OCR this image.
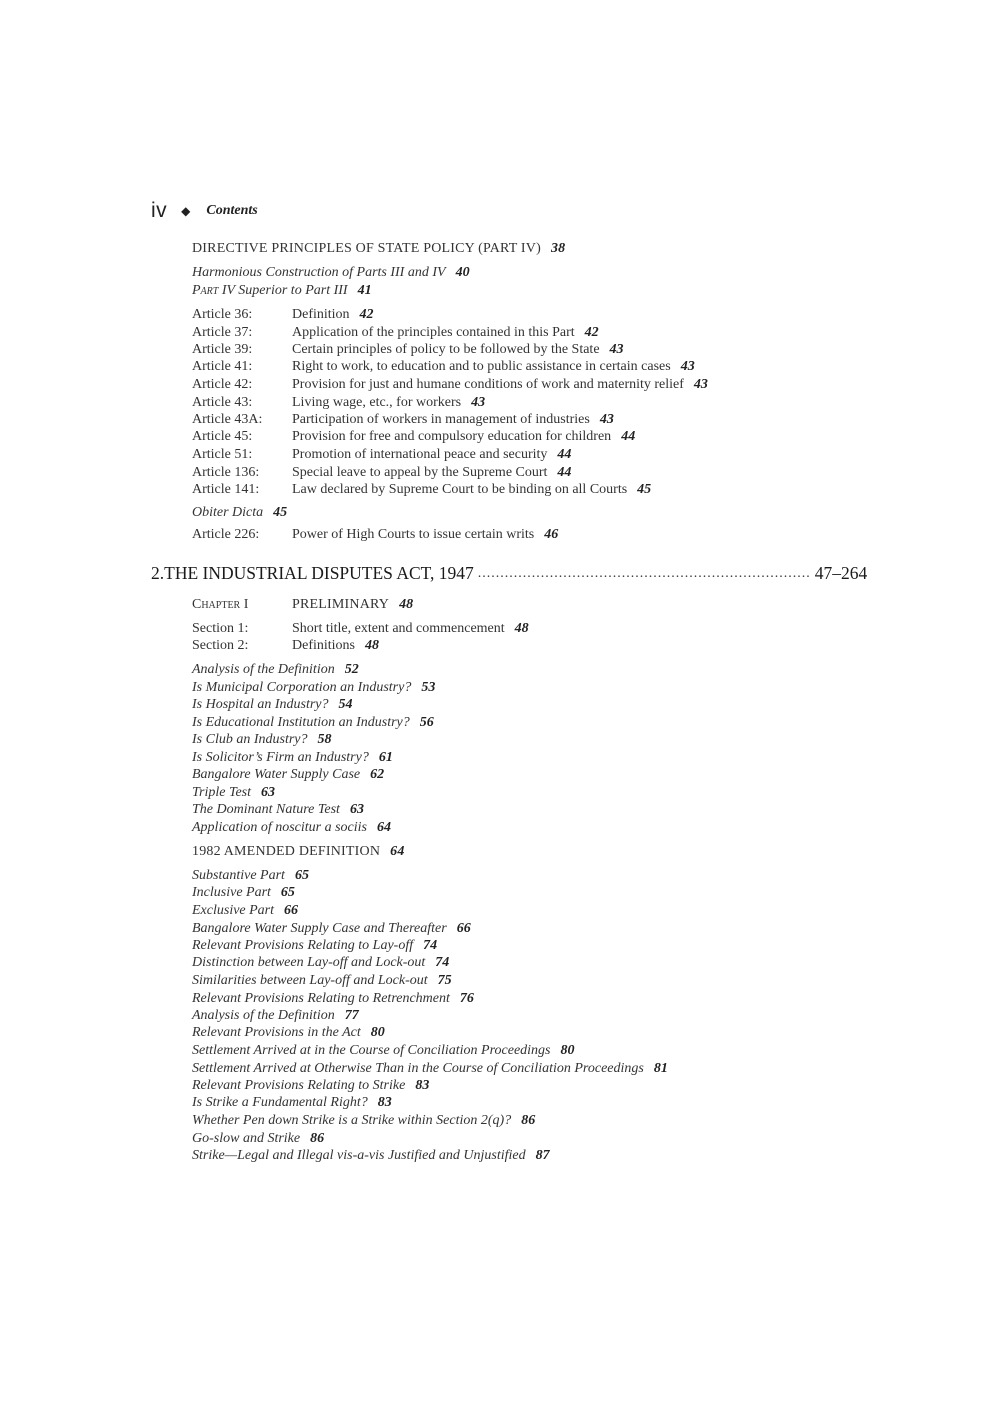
iv ◆ Contents
DIRECTIVE PRINCIPLES OF STATE POLICY (PART IV) 38
Harmonious Construction of Parts III and IV 40
Part IV Superior to Part III 41
Article 36:	Definition 42
Article 37:	Application of the principles contained in this Part 42
Article 39:	Certain principles of policy to be followed by the State 43
Article 41:	Right to work, to education and to public assistance in certain cases 43
Article 42:	Provision for just and humane conditions of work and maternity relief 43
Article 43:	Living wage, etc., for workers 43
Article 43A: Participation of workers in management of industries 43
Article 45:	Provision for free and compulsory education for children 44
Article 51:	Promotion of international peace and security 44
Article 136: Special leave to appeal by the Supreme Court 44
Article 141: Law declared by Supreme Court to be binding on all Courts 45
Obiter Dicta 45
Article 226: Power of High Courts to issue certain writs 46
2. THE INDUSTRIAL DISPUTES ACT, 1947 .......................................................................... 47–264
Chapter I	PRELIMINARY 48
Section 1:	Short title, extent and commencement 48
Section 2:	Definitions 48
Analysis of the Definition 52
Is Municipal Corporation an Industry? 53
Is Hospital an Industry? 54
Is Educational Institution an Industry? 56
Is Club an Industry? 58
Is Solicitor’s Firm an Industry? 61
Bangalore Water Supply Case 62
Triple Test 63
The Dominant Nature Test 63
Application of noscitur a sociis 64
1982 AMENDED DEFINITION 64
Substantive Part 65
Inclusive Part 65
Exclusive Part 66
Bangalore Water Supply Case and Thereafter 66
Relevant Provisions Relating to Lay-off 74
Distinction between Lay-off and Lock-out 74
Similarities between Lay-off and Lock-out 75
Relevant Provisions Relating to Retrenchment 76
Analysis of the Definition 77
Relevant Provisions in the Act 80
Settlement Arrived at in the Course of Conciliation Proceedings 80
Settlement Arrived at Otherwise Than in the Course of Conciliation Proceedings 81
Relevant Provisions Relating to Strike 83
Is Strike a Fundamental Right? 83
Whether Pen down Strike is a Strike within Section 2(q)? 86
Go-slow and Strike 86
Strike—Legal and Illegal vis-a-vis Justified and Unjustified 87
